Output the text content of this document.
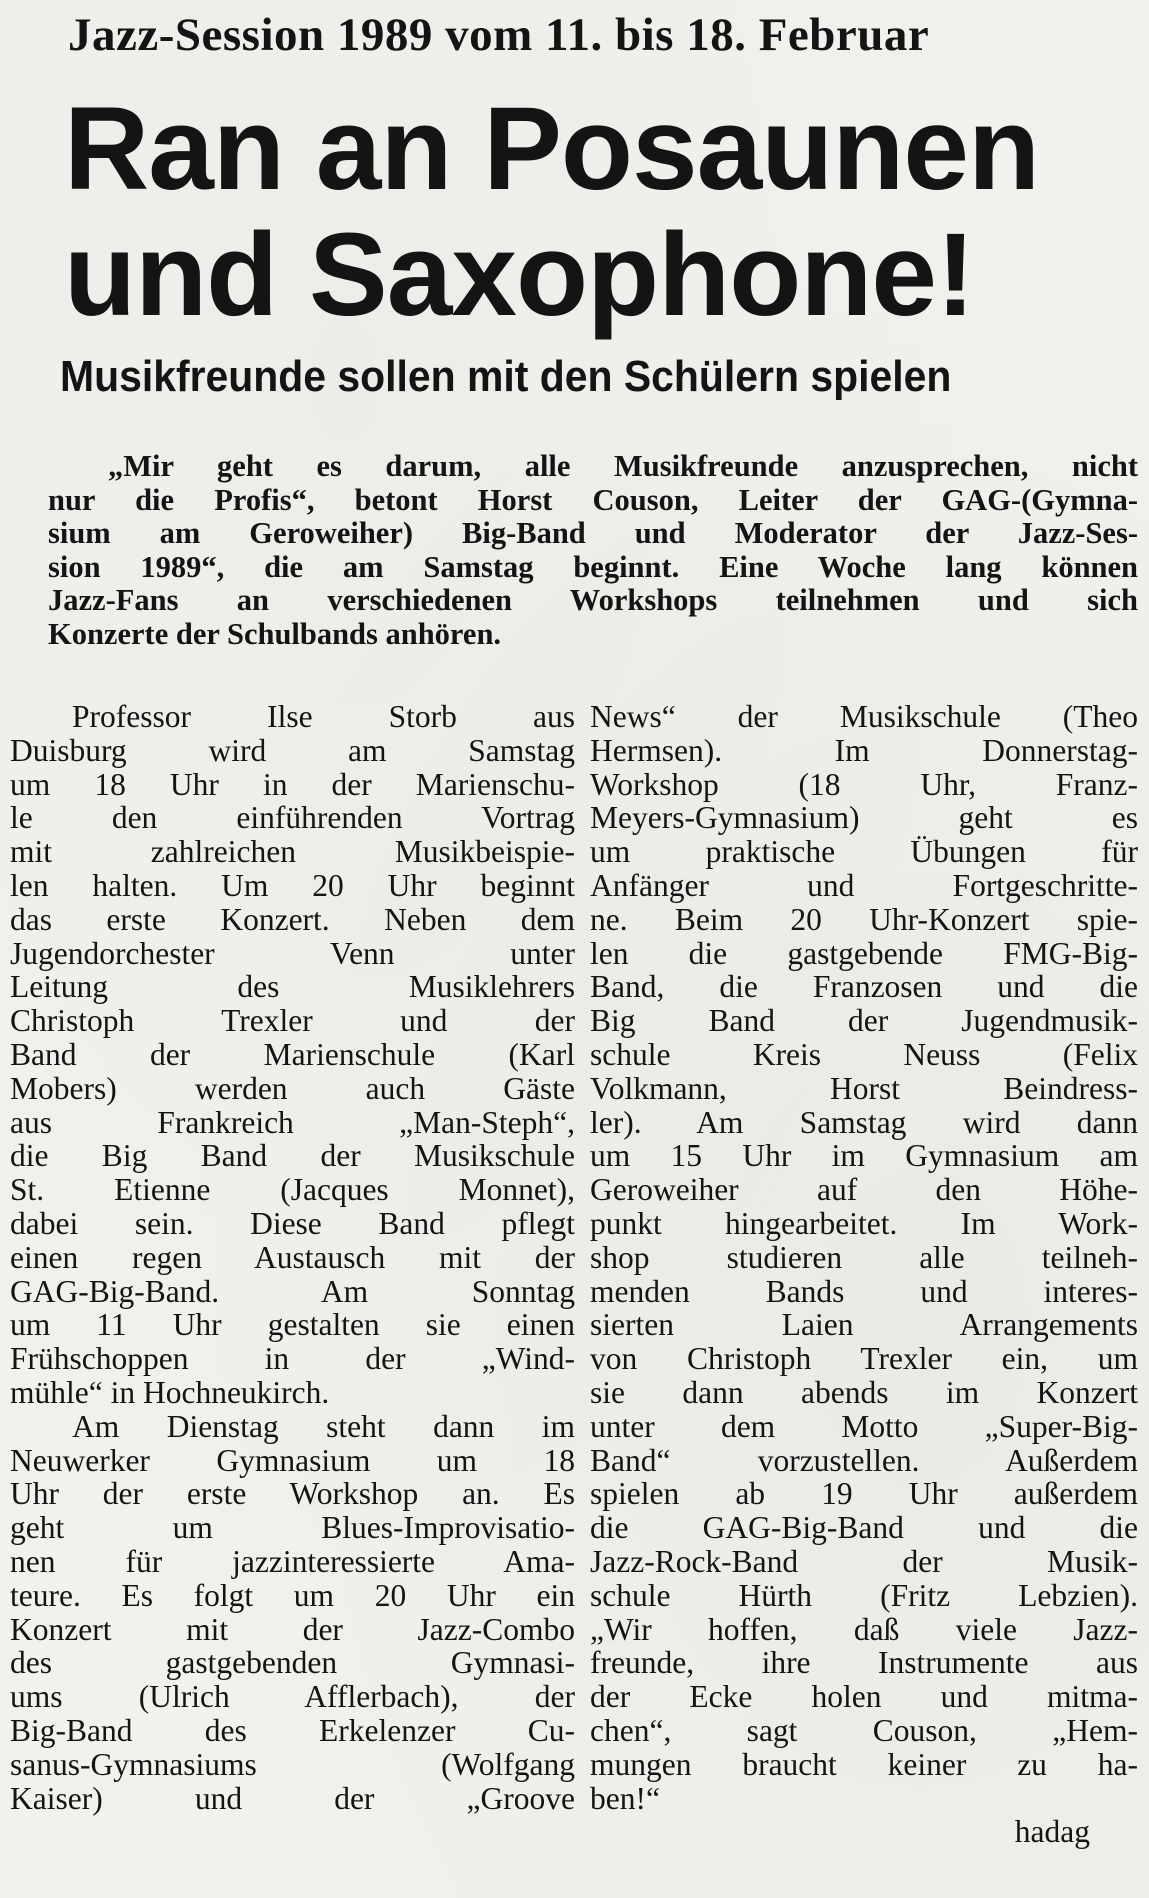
Jazz-Session 1989 vom 11. bis 18. Februar
Ran an Posaunen
und Saxophone!
Musikfreunde sollen mit den Schülern spielen
„Mir geht es darum, alle Musikfreunde anzusprechen, nicht
nur die Profis“, betont Horst Couson, Leiter der GAG-(Gymna-
sium am Geroweiher) Big-Band und Moderator der Jazz-Ses-
sion 1989“, die am Samstag beginnt. Eine Woche lang können
Jazz-Fans an verschiedenen Workshops teilnehmen und sich
Konzerte der Schulbands anhören.
Professor Ilse Storb aus
Duisburg wird am Samstag
um 18 Uhr in der Marienschu-
le den einführenden Vortrag
mit zahlreichen Musikbeispie-
len halten. Um 20 Uhr beginnt
das erste Konzert. Neben dem
Jugendorchester Venn unter
Leitung des Musiklehrers
Christoph Trexler und der
Band der Marienschule (Karl
Mobers) werden auch Gäste
aus Frankreich „Man-Steph“,
die Big Band der Musikschule
St. Etienne (Jacques Monnet),
dabei sein. Diese Band pflegt
einen regen Austausch mit der
GAG-Big-Band. Am Sonntag
um 11 Uhr gestalten sie einen
Frühschoppen in der „Wind-
mühle“ in Hochneukirch.
Am Dienstag steht dann im
Neuwerker Gymnasium um 18
Uhr der erste Workshop an. Es
geht um Blues-Improvisatio-
nen für jazzinteressierte Ama-
teure. Es folgt um 20 Uhr ein
Konzert mit der Jazz-Combo
des gastgebenden Gymnasi-
ums (Ulrich Afflerbach), der
Big-Band des Erkelenzer Cu-
sanus-Gymnasiums (Wolfgang
Kaiser) und der „Groove
News“ der Musikschule (Theo
Hermsen). Im Donnerstag-
Workshop (18 Uhr, Franz-
Meyers-Gymnasium) geht es
um praktische Übungen für
Anfänger und Fortgeschritte-
ne. Beim 20 Uhr-Konzert spie-
len die gastgebende FMG-Big-
Band, die Franzosen und die
Big Band der Jugendmusik-
schule Kreis Neuss (Felix
Volkmann, Horst Beindress-
ler). Am Samstag wird dann
um 15 Uhr im Gymnasium am
Geroweiher auf den Höhe-
punkt hingearbeitet. Im Work-
shop studieren alle teilneh-
menden Bands und interes-
sierten Laien Arrangements
von Christoph Trexler ein, um
sie dann abends im Konzert
unter dem Motto „Super-Big-
Band“ vorzustellen. Außerdem
spielen ab 19 Uhr außerdem
die GAG-Big-Band und die
Jazz-Rock-Band der Musik-
schule Hürth (Fritz Lebzien).
„Wir hoffen, daß viele Jazz-
freunde, ihre Instrumente aus
der Ecke holen und mitma-
chen“, sagt Couson, „Hem-
mungen braucht keiner zu ha-
ben!“
hadag
